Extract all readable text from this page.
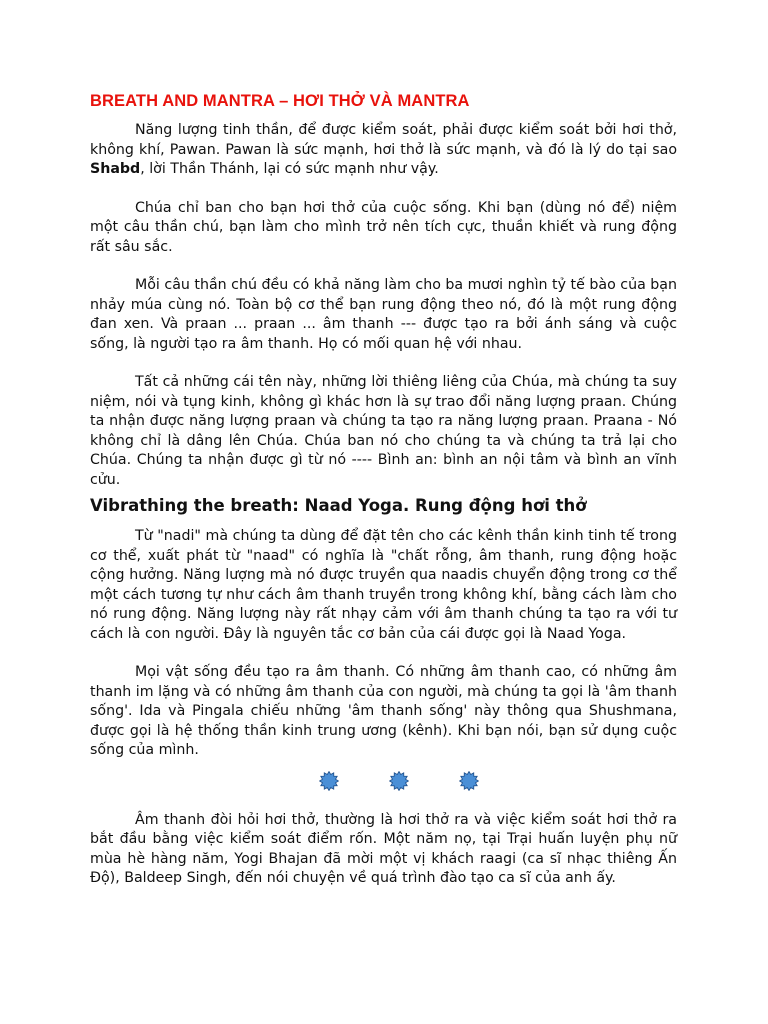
BREATH AND MANTRA – HƠI THỞ VÀ MANTRA

Năng lượng tinh thần, để được kiểm soát, phải được kiểm soát bởi hơi thở, không khí, Pawan. Pawan là sức mạnh, hơi thở là sức mạnh, và đó là lý do tại sao Shabd, lời Thần Thánh, lại có sức mạnh như vậy.

Chúa chỉ ban cho bạn hơi thở của cuộc sống. Khi bạn (dùng nó để) niệm một câu thần chú, bạn làm cho mình trở nên tích cực, thuần khiết và rung động rất sâu sắc.

Mỗi câu thần chú đều có khả năng làm cho ba mươi nghìn tỷ tế bào của bạn nhảy múa cùng nó. Toàn bộ cơ thể bạn rung động theo nó, đó là một rung động đan xen. Và praan ... praan ... âm thanh --- được tạo ra bởi ánh sáng và cuộc sống, là người tạo ra âm thanh. Họ có mối quan hệ với nhau.

Tất cả những cái tên này, những lời thiêng liêng của Chúa, mà chúng ta suy niệm, nói và tụng kinh, không gì khác hơn là sự trao đổi năng lượng praan. Chúng ta nhận được năng lượng praan và chúng ta tạo ra năng lượng praan. Praana - Nó không chỉ là dâng lên Chúa. Chúa ban nó cho chúng ta và chúng ta trả lại cho Chúa. Chúng ta nhận được gì từ nó ---- Bình an: bình an nội tâm và bình an vĩnh cửu.

Vibrathing the breath: Naad Yoga. Rung động hơi thở

Từ "nadi" mà chúng ta dùng để đặt tên cho các kênh thần kinh tinh tế trong cơ thể, xuất phát từ "naad" có nghĩa là "chất rỗng, âm thanh, rung động hoặc cộng hưởng. Năng lượng mà nó được truyền qua naadis chuyển động trong cơ thể một cách tương tự như cách âm thanh truyền trong không khí, bằng cách làm cho nó rung động. Năng lượng này rất nhạy cảm với âm thanh chúng ta tạo ra với tư cách là con người. Đây là nguyên tắc cơ bản của cái được gọi là Naad Yoga.

Mọi vật sống đều tạo ra âm thanh. Có những âm thanh cao, có những âm thanh im lặng và có những âm thanh của con người, mà chúng ta gọi là 'âm thanh sống'. Ida và Pingala chiếu những 'âm thanh sống' này thông qua Shushmana, được gọi là hệ thống thần kinh trung ương (kênh). Khi bạn nói, bạn sử dụng cuộc sống của mình.

Âm thanh đòi hỏi hơi thở, thường là hơi thở ra và việc kiểm soát hơi thở ra bắt đầu bằng việc kiểm soát điểm rốn. Một năm nọ, tại Trại huấn luyện phụ nữ mùa hè hàng năm, Yogi Bhajan đã mời một vị khách raagi (ca sĩ nhạc thiêng Ấn Độ), Baldeep Singh, đến nói chuyện về quá trình đào tạo ca sĩ của anh ấy.
